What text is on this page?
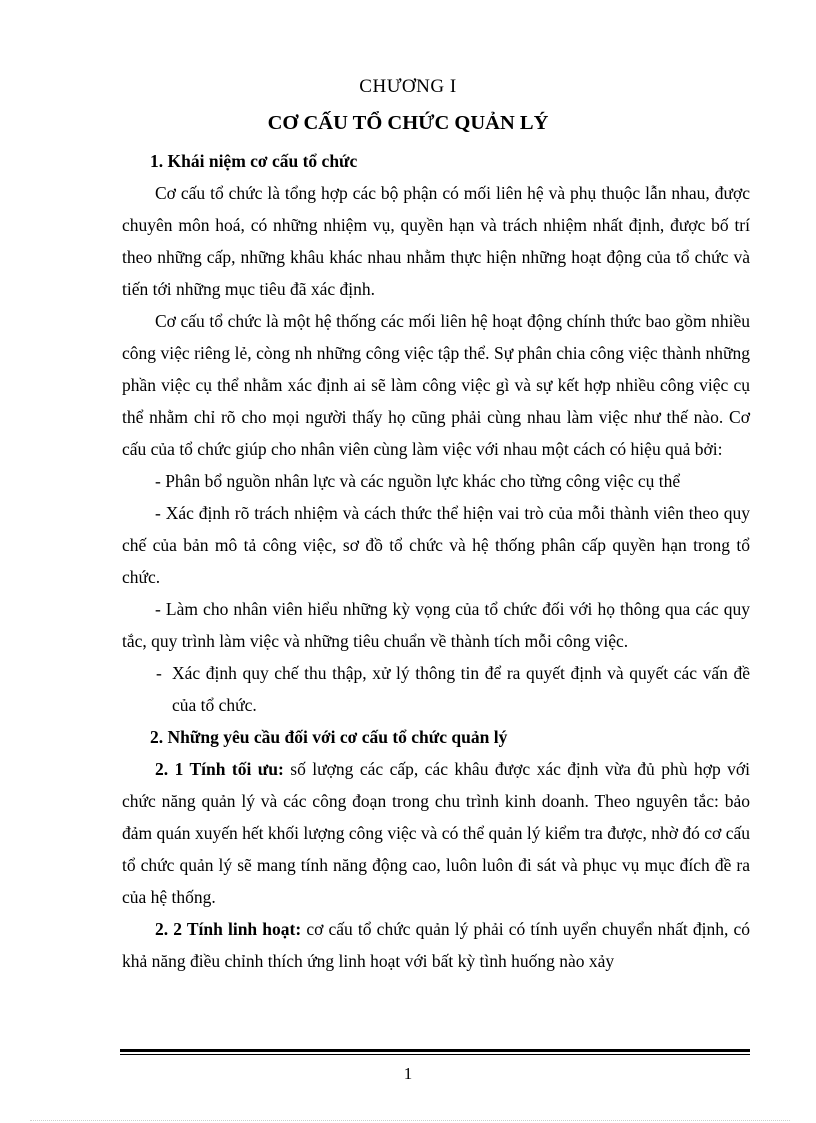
CHƯƠNG I
CƠ CẤU TỔ CHỨC QUẢN LÝ

1. Khái niệm cơ cấu tổ chức

Cơ cấu tổ chức là tổng hợp các bộ phận có mối liên hệ và phụ thuộc lẫn nhau, được chuyên môn hoá, có những nhiệm vụ, quyền hạn và trách nhiệm nhất định, được bố trí theo những cấp, những khâu khác nhau nhằm thực hiện những hoạt động của tổ chức và tiến tới những mục tiêu đã xác định.

Cơ cấu tổ chức là một hệ thống các mối liên hệ hoạt động chính thức bao gồm nhiều công việc riêng lẻ, còng nh những công việc tập thể. Sự phân chia công việc thành những phần việc cụ thể nhằm xác định ai sẽ làm công việc gì và sự kết hợp nhiều công việc cụ thể nhằm chỉ rõ cho mọi người thấy họ cũng phải cùng nhau làm việc như thế nào. Cơ cấu của tổ chức giúp cho nhân viên cùng làm việc với nhau một cách có hiệu quả bởi:

- Phân bổ nguồn nhân lực và các nguồn lực khác cho từng công việc cụ thể

- Xác định rõ trách nhiệm và cách thức thể hiện vai trò của mỗi thành viên theo quy chế của bản mô tả công việc, sơ đồ tổ chức và hệ thống phân cấp quyền hạn trong tổ chức.

- Làm cho nhân viên hiểu những kỳ vọng của tổ chức đối với họ thông qua các quy tắc, quy trình làm việc và những tiêu chuẩn về thành tích mỗi công việc.

- Xác định quy chế thu thập, xử lý thông tin để ra quyết định và quyết các vấn đề của tổ chức.

2. Những yêu cầu đối với cơ cấu tổ chức quản lý

2. 1 Tính tối ưu: số lượng các cấp, các khâu được xác định vừa đủ phù hợp với chức năng quản lý và các công đoạn trong chu trình kinh doanh. Theo nguyên tắc: bảo đảm quán xuyến hết khối lượng công việc và có thể quản lý kiểm tra được, nhờ đó cơ cấu tổ chức quản lý sẽ mang tính năng động cao, luôn luôn đi sát và phục vụ mục đích đề ra của hệ thống.

2. 2 Tính linh hoạt: cơ cấu tổ chức quản lý phải có tính uyển chuyển nhất định, có khả năng điều chỉnh thích ứng linh hoạt với bất kỳ tình huống nào xảy

1
